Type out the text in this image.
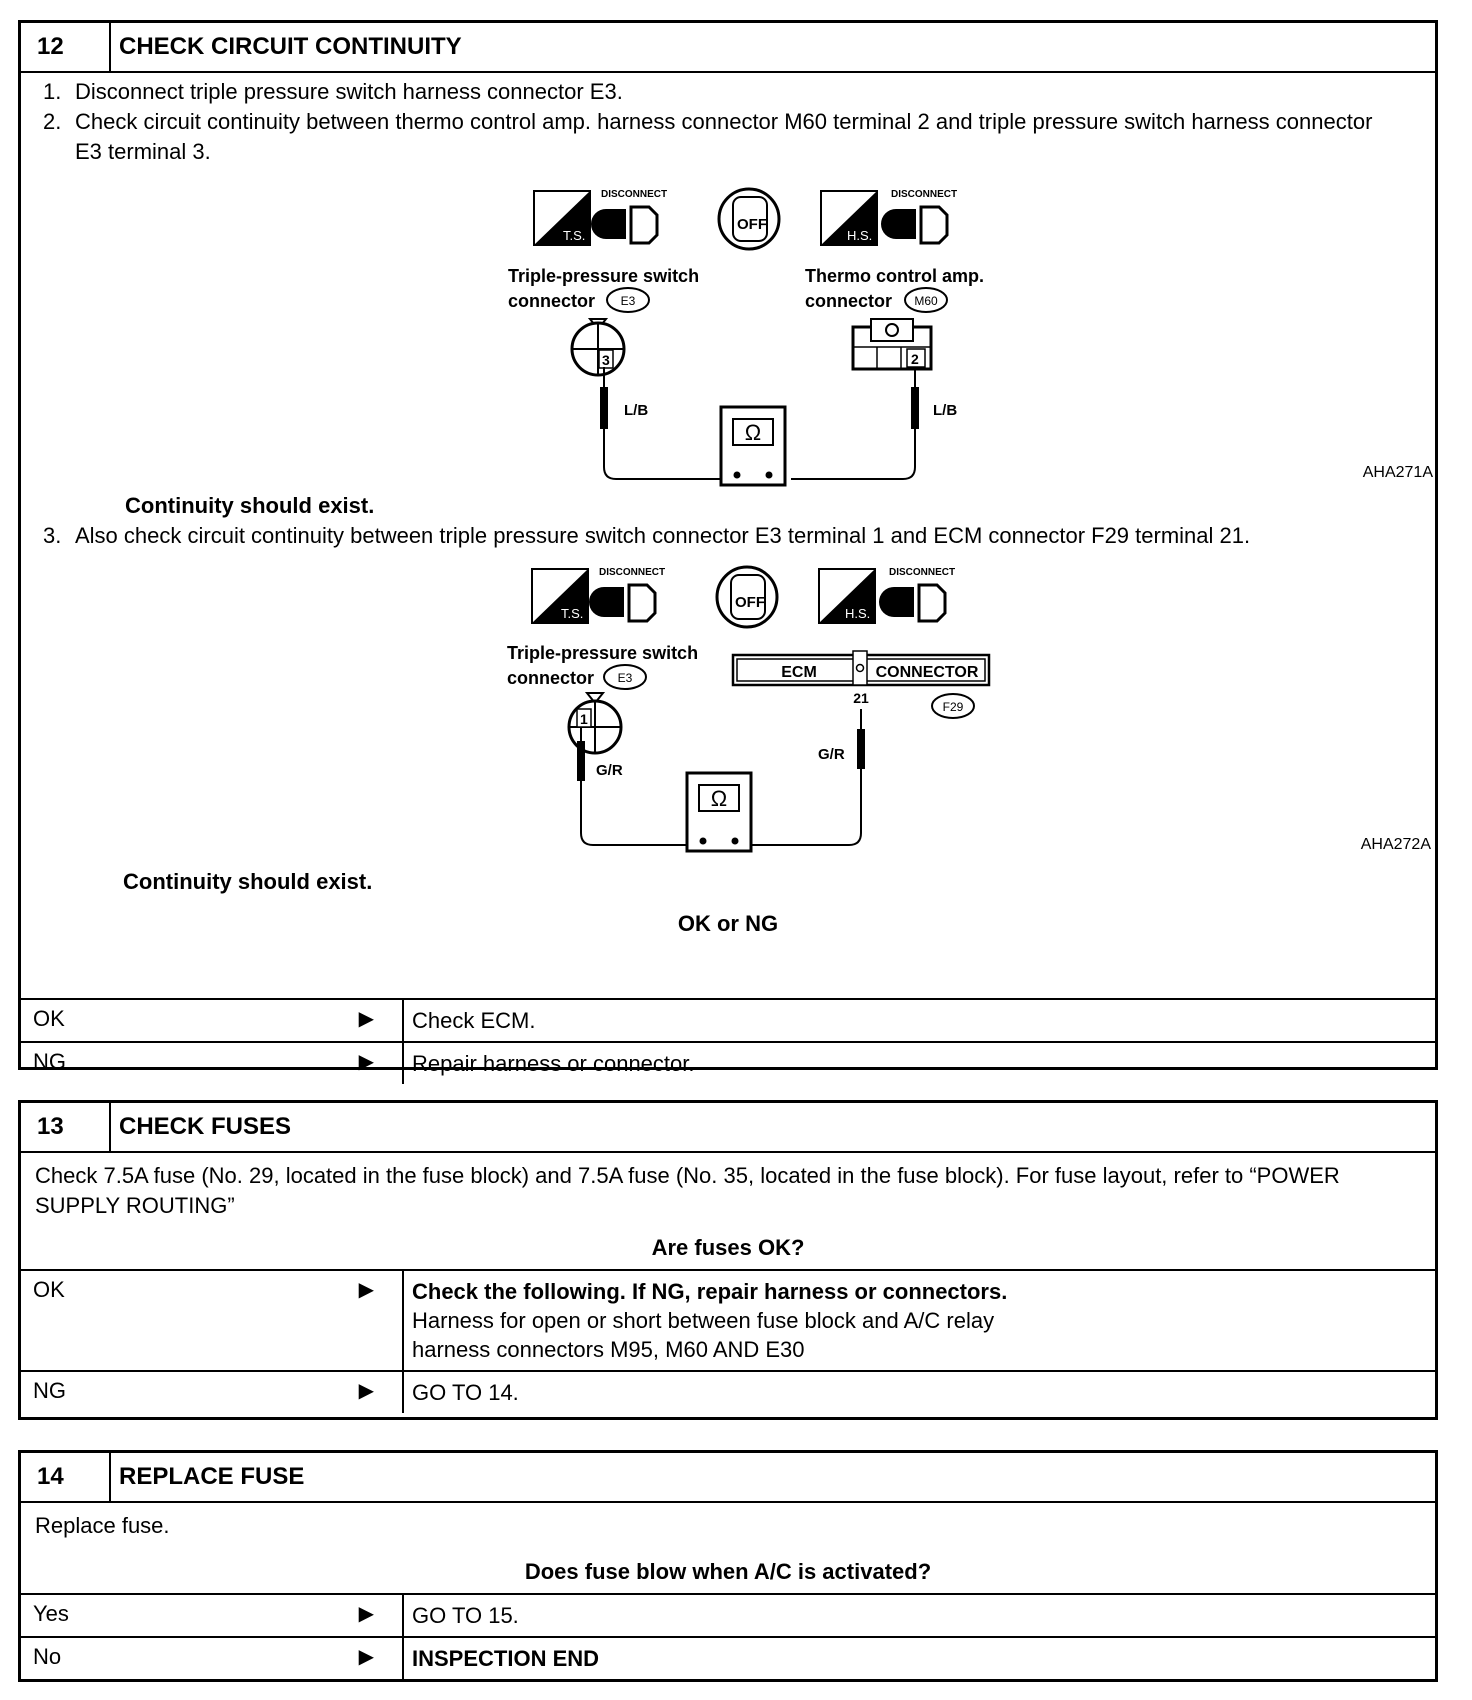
12	CHECK CIRCUIT CONTINUITY
1. Disconnect triple pressure switch harness connector E3.
2. Check circuit continuity between thermo control amp. harness connector M60 terminal 2 and triple pressure switch harness connector E3 terminal 3.
T.S.
DISCONNECT
OFF
H.S.
DISCONNECT
Triple-pressure switch
connector E3
Thermo control amp.
connector M60
3	2
L/B	L/B
Ω
AHA271A
Continuity should exist.
3. Also check circuit continuity between triple pressure switch connector E3 terminal 1 and ECM connector F29 terminal 21.
T.S.
DISCONNECT
OFF
H.S.
DISCONNECT
Triple-pressure switch
connector E3	ECM	CONNECTOR
21
F29
1
G/R
G/R
Ω
AHA272A
Continuity should exist.
OK or NG
OK	▶	Check ECM.
NG	▶	Repair harness or connector.
13	CHECK FUSES
Check 7.5A fuse (No. 29, located in the fuse block) and 7.5A fuse (No. 35, located in the fuse block). For fuse layout, refer to “POWER SUPPLY ROUTING”
Are fuses OK?
OK	▶	Check the following. If NG, repair harness or connectors.
Harness for open or short between fuse block and A/C relay
harness connectors M95, M60 AND E30
NG	▶	GO TO 14.
14	REPLACE FUSE
Replace fuse.
Does fuse blow when A/C is activated?
Yes	▶	GO TO 15.
No	▶	INSPECTION END
